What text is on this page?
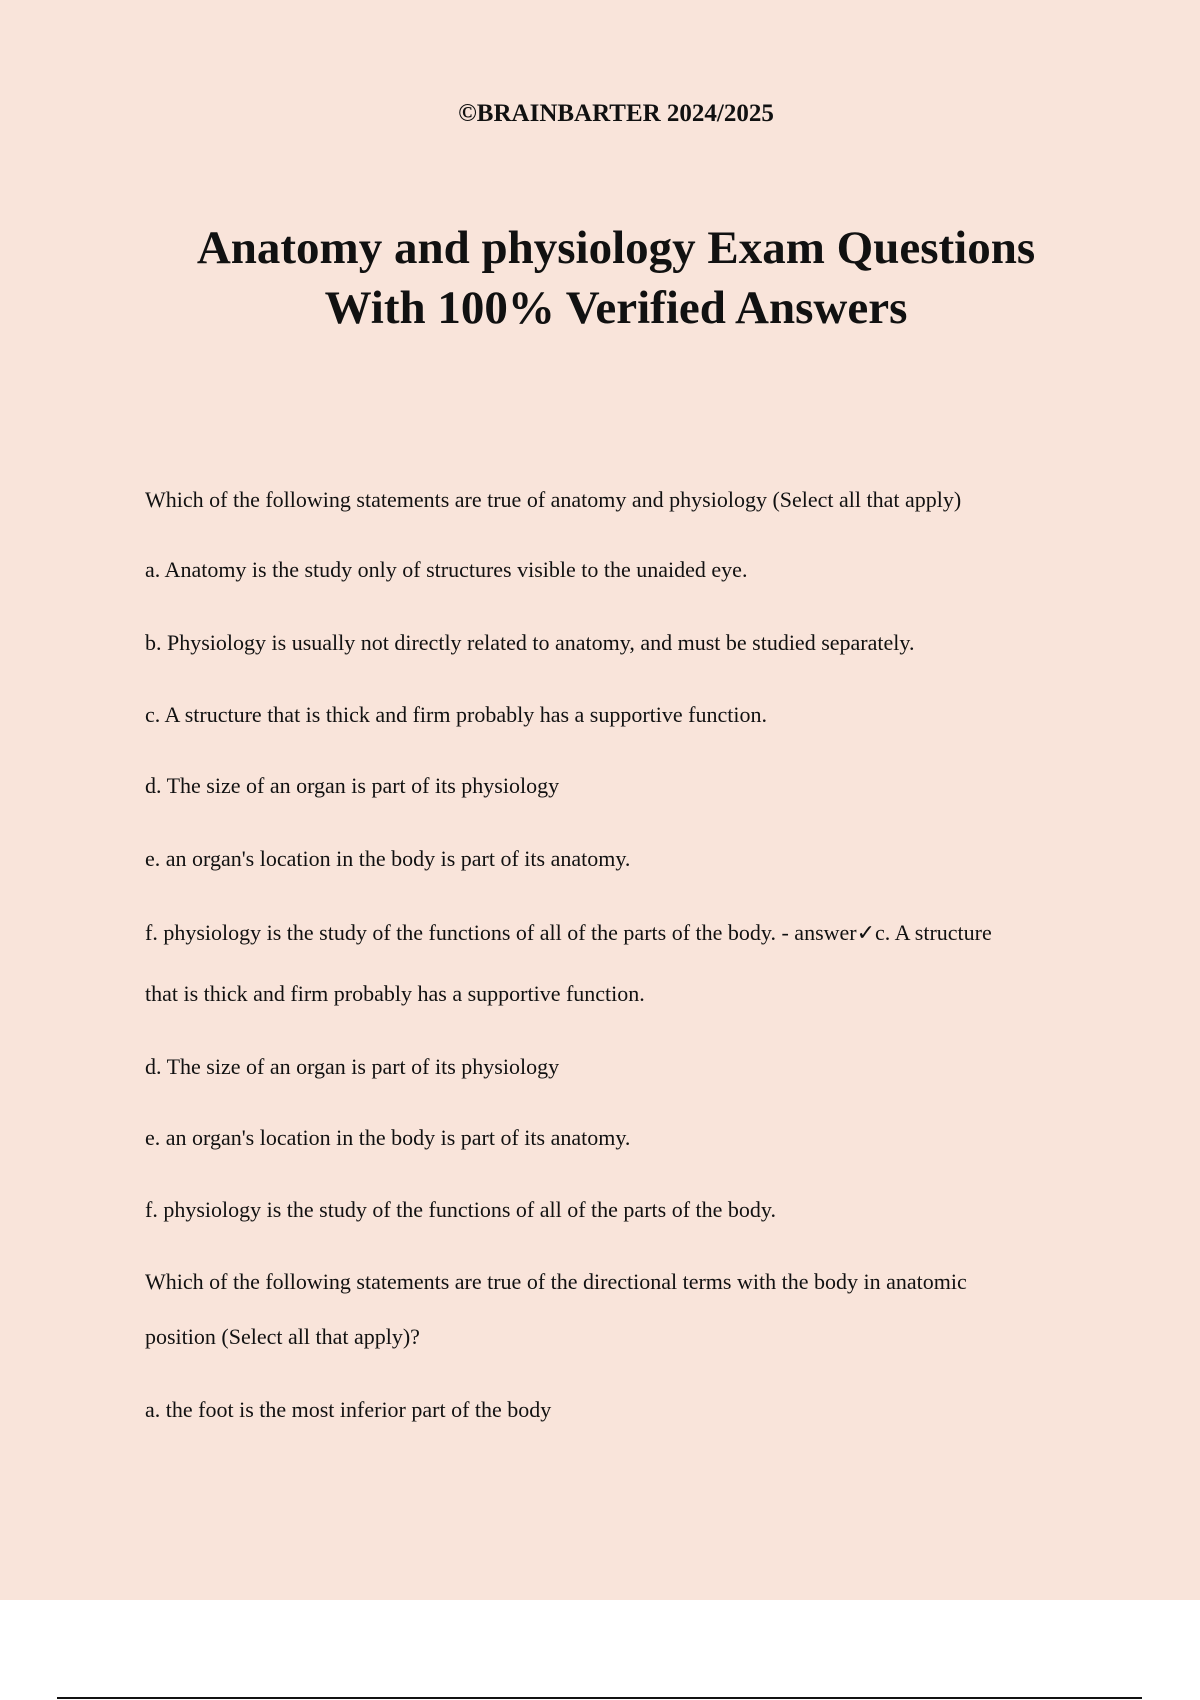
©BRAINBARTER 2024/2025
Anatomy and physiology Exam Questions
With 100% Verified Answers
Which of the following statements are true of anatomy and physiology (Select all that apply)
a. Anatomy is the study only of structures visible to the unaided eye.
b. Physiology is usually not directly related to anatomy, and must be studied separately.
c. A structure that is thick and firm probably has a supportive function.
d. The size of an organ is part of its physiology
e. an organ's location in the body is part of its anatomy.
f. physiology is the study of the functions of all of the parts of the body. - answer✓c. A structure
that is thick and firm probably has a supportive function.
d. The size of an organ is part of its physiology
e. an organ's location in the body is part of its anatomy.
f. physiology is the study of the functions of all of the parts of the body.
Which of the following statements are true of the directional terms with the body in anatomic
position (Select all that apply)?
a. the foot is the most inferior part of the body
